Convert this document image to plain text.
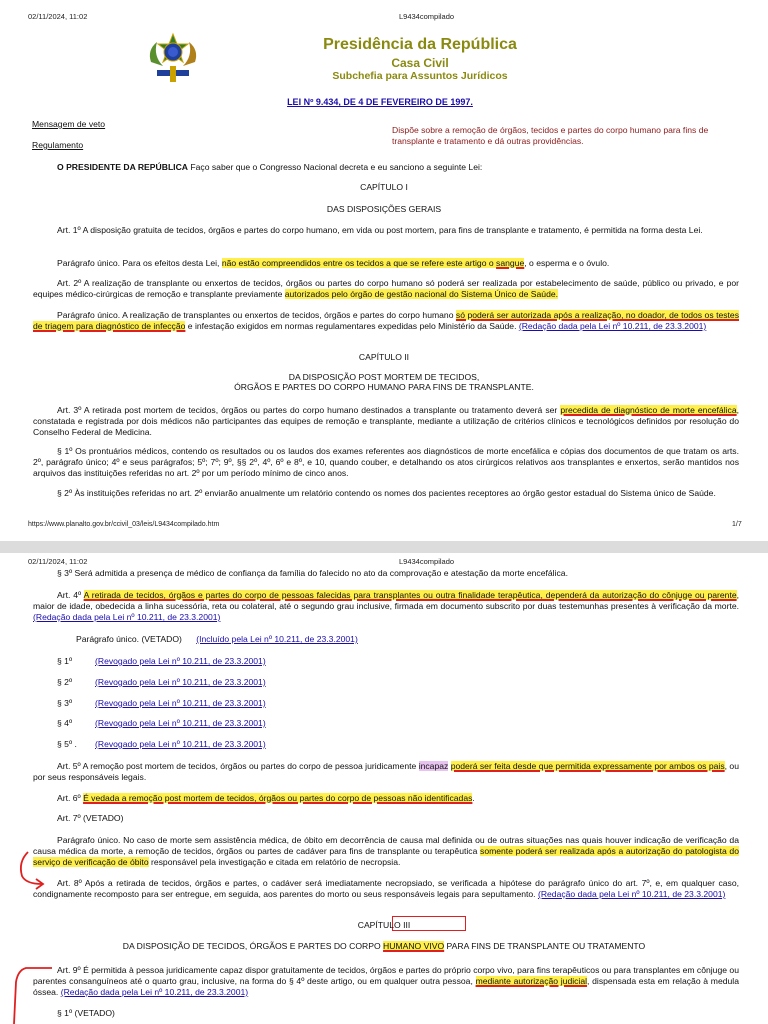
02/11/2024, 11:02	L9434compilado
Presidência da República
Casa Civil
Subchefia para Assuntos Jurídicos
LEI Nº 9.434, DE 4 DE FEVEREIRO DE 1997.
Mensagem de veto
Regulamento
Dispõe sobre a remoção de órgãos, tecidos e partes do corpo humano para fins de transplante e tratamento e dá outras providências.
O PRESIDENTE DA REPÚBLICA Faço saber que o Congresso Nacional decreta e eu sanciono a seguinte Lei:
CAPÍTULO I
DAS DISPOSIÇÕES GERAIS
Art. 1º A disposição gratuita de tecidos, órgãos e partes do corpo humano, em vida ou post mortem, para fins de transplante e tratamento, é permitida na forma desta Lei.
Parágrafo único. Para os efeitos desta Lei, não estão compreendidos entre os tecidos a que se refere este artigo o sangue, o esperma e o óvulo.
Art. 2º A realização de transplante ou enxertos de tecidos, órgãos ou partes do corpo humano só poderá ser realizada por estabelecimento de saúde, público ou privado, e por equipes médico-cirúrgicas de remoção e transplante previamente autorizados pelo órgão de gestão nacional do Sistema Único de Saúde.
Parágrafo único. A realização de transplantes ou enxertos de tecidos, órgãos e partes do corpo humano só poderá ser autorizada após a realização, no doador, de todos os testes de triagem para diagnóstico de infecção e infestação exigidos em normas regulamentares expedidas pelo Ministério da Saúde. (Redação dada pela Lei nº 10.211, de 23.3.2001)
CAPÍTULO II
DA DISPOSIÇÃO POST MORTEM DE TECIDOS,
ÓRGÃOS E PARTES DO CORPO HUMANO PARA FINS DE TRANSPLANTE.
Art. 3º A retirada post mortem de tecidos, órgãos ou partes do corpo humano destinados a transplante ou tratamento deverá ser precedida de diagnóstico de morte encefálica, constatada e registrada por dois médicos não participantes das equipes de remoção e transplante, mediante a utilização de critérios clínicos e tecnológicos definidos por resolução do Conselho Federal de Medicina.
§ 1º Os prontuários médicos, contendo os resultados ou os laudos dos exames referentes aos diagnósticos de morte encefálica e cópias dos documentos de que tratam os arts. 2º, parágrafo único; 4º e seus parágrafos; 5º; 7º; 9º, §§ 2º, 4º, 6º e 8º, e 10, quando couber, e detalhando os atos cirúrgicos relativos aos transplantes e enxertos, serão mantidos nos arquivos das instituições referidas no art. 2º por um período mínimo de cinco anos.
§ 2º Às instituições referidas no art. 2º enviarão anualmente um relatório contendo os nomes dos pacientes receptores ao órgão gestor estadual do Sistema único de Saúde.
https://www.planalto.gov.br/ccivil_03/leis/L9434compilado.htm	1/7
02/11/2024, 11:02	L9434compilado
§ 3º Será admitida a presença de médico de confiança da família do falecido no ato da comprovação e atestação da morte encefálica.
Art. 4º A retirada de tecidos, órgãos e partes do corpo de pessoas falecidas para transplantes ou outra finalidade terapêutica, dependerá da autorização do cônjuge ou parente, maior de idade, obedecida a linha sucessória, reta ou colateral, até o segundo grau inclusive, firmada em documento subscrito por duas testemunhas presentes à verificação da morte. (Redação dada pela Lei nº 10.211, de 23.3.2001)
Parágrafo único. (VETADO) (Incluído pela Lei nº 10.211, de 23.3.2001)
§ 1º	(Revogado pela Lei nº 10.211, de 23.3.2001)
§ 2º	(Revogado pela Lei nº 10.211, de 23.3.2001)
§ 3º	(Revogado pela Lei nº 10.211, de 23.3.2001)
§ 4º	(Revogado pela Lei nº 10.211, de 23.3.2001)
§ 5º . (Revogado pela Lei nº 10.211, de 23.3.2001)
Art. 5º A remoção post mortem de tecidos, órgãos ou partes do corpo de pessoa juridicamente incapaz poderá ser feita desde que permitida expressamente por ambos os pais, ou por seus responsáveis legais.
Art. 6º É vedada a remoção post mortem de tecidos, órgãos ou partes do corpo de pessoas não identificadas.
Art. 7º (VETADO)
Parágrafo único. No caso de morte sem assistência médica, de óbito em decorrência de causa mal definida ou de outras situações nas quais houver indicação de verificação da causa médica da morte, a remoção de tecidos, órgãos ou partes de cadáver para fins de transplante ou terapêutica somente poderá ser realizada após a autorização do patologista do serviço de verificação de óbito responsável pela investigação e citada em relatório de necropsia.
Art. 8º Após a retirada de tecidos, órgãos e partes, o cadáver será imediatamente necropsiado, se verificada a hipótese do parágrafo único do art. 7º, e, em qualquer caso, condignamente recomposto para ser entregue, em seguida, aos parentes do morto ou seus responsáveis legais para sepultamento. (Redação dada pela Lei nº 10.211, de 23.3.2001)
CAPÍTULO III
DA DISPOSIÇÃO DE TECIDOS, ÓRGÃOS E PARTES DO CORPO HUMANO VIVO PARA FINS DE TRANSPLANTE OU TRATAMENTO
Art. 9º É permitida à pessoa juridicamente capaz dispor gratuitamente de tecidos, órgãos e partes do próprio corpo vivo, para fins terapêuticos ou para transplantes em cônjuge ou parentes consanguíneos até o quarto grau, inclusive, na forma do § 4º deste artigo, ou em qualquer outra pessoa, mediante autorização judicial, dispensada esta em relação à medula óssea. (Redação dada pela Lei nº 10.211, de 23.3.2001)
§ 1º (VETADO)
